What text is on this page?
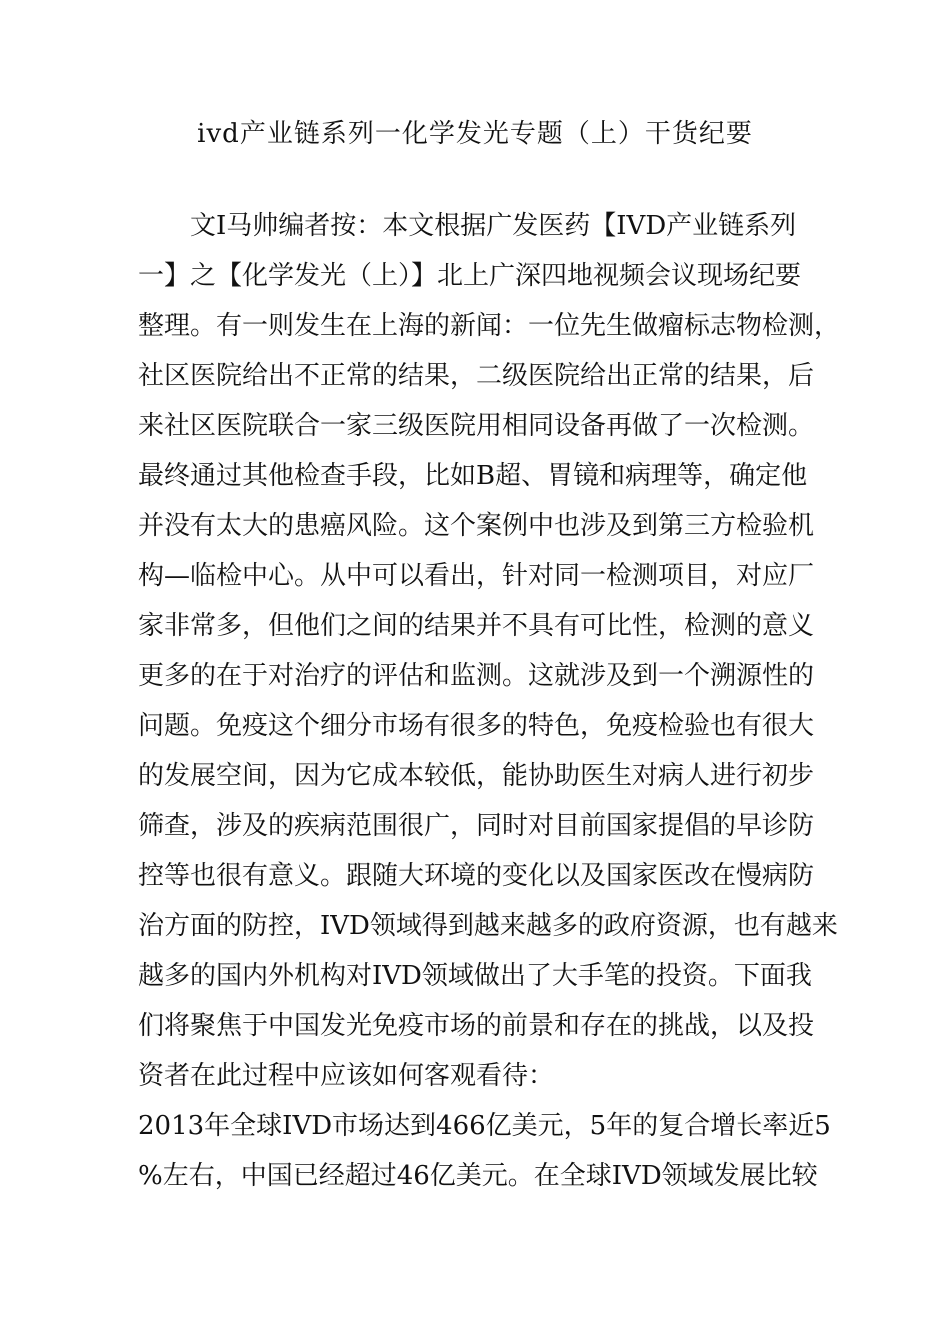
ivd产业链系列一化学发光专题（上）干货纪要
文I马帅编者按：本文根据广发医药【IVD产业链系列
一】之【化学发光（上）】北上广深四地视频会议现场纪要
整理。有一则发生在上海的新闻：一位先生做瘤标志物检测，
社区医院给出不正常的结果，二级医院给出正常的结果，后
来社区医院联合一家三级医院用相同设备再做了一次检测。
最终通过其他检查手段，比如B超、胃镜和病理等，确定他
并没有太大的患癌风险。这个案例中也涉及到第三方检验机
构—临检中心。从中可以看出，针对同一检测项目，对应厂
家非常多，但他们之间的结果并不具有可比性，检测的意义
更多的在于对治疗的评估和监测。这就涉及到一个溯源性的
问题。免疫这个细分市场有很多的特色，免疫检验也有很大
的发展空间，因为它成本较低，能协助医生对病人进行初步
筛查，涉及的疾病范围很广，同时对目前国家提倡的早诊防
控等也很有意义。跟随大环境的变化以及国家医改在慢病防
治方面的防控，IVD领域得到越来越多的政府资源，也有越来
越多的国内外机构对IVD领域做出了大手笔的投资。下面我
们将聚焦于中国发光免疫市场的前景和存在的挑战，以及投
资者在此过程中应该如何客观看待：
2013年全球IVD市场达到466亿美元，5年的复合增长率近5
%左右，中国已经超过46亿美元。在全球IVD领域发展比较
